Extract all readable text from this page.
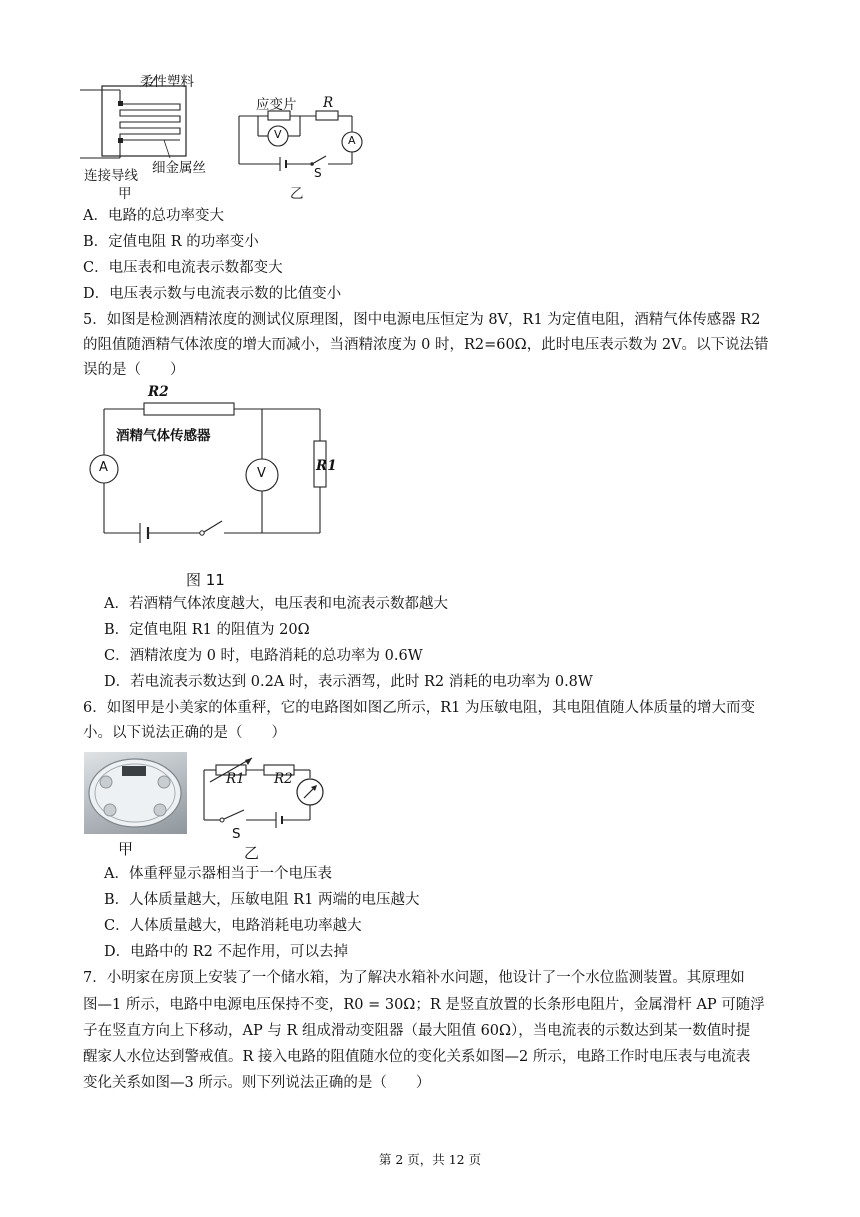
柔性塑料
细金属丝
连接导线
甲
应变片 R
V	A
S
乙
A．电路的总功率变大
B．定值电阻 R 的功率变小
C．电压表和电流表示数都变大
D．电压表示数与电流表示数的比值变小
5．如图是检测酒精浓度的测试仪原理图，图中电源电压恒定为 8V，R1 为定值电阻，酒精气体传感器 R2
的阻值随酒精气体浓度的增大而减小，当酒精浓度为 0 时，R2=60Ω，此时电压表示数为 2V。以下说法错
误的是（　　）
R2
酒精气体传感器
A	V	R1
图 11
A．若酒精气体浓度越大，电压表和电流表示数都越大
B．定值电阻 R1 的阻值为 20Ω
C．酒精浓度为 0 时，电路消耗的总功率为 0.6W
D．若电流表示数达到 0.2A 时，表示酒驾，此时 R2 消耗的电功率为 0.8W
6．如图甲是小美家的体重秤，它的电路图如图乙所示，R1 为压敏电阻，其电阻值随人体质量的增大而变
小。以下说法正确的是（　　）
甲
R1 R2
S
乙
A．体重秤显示器相当于一个电压表
B．人体质量越大，压敏电阻 R1 两端的电压越大
C．人体质量越大，电路消耗电功率越大
D．电路中的 R2 不起作用，可以去掉
7．小明家在房顶上安装了一个储水箱，为了解决水箱补水问题，他设计了一个水位监测装置。其原理如
图—1 所示，电路中电源电压保持不变，R0 = 30Ω；R 是竖直放置的长条形电阻片，金属滑杆 AP 可随浮
子在竖直方向上下移动，AP 与 R 组成滑动变阻器（最大阻值 60Ω），当电流表的示数达到某一数值时提
醒家人水位达到警戒值。R 接入电路的阻值随水位的变化关系如图—2 所示，电路工作时电压表与电流表
变化关系如图—3 所示。则下列说法正确的是（　　）
第 2 页，共 12 页
